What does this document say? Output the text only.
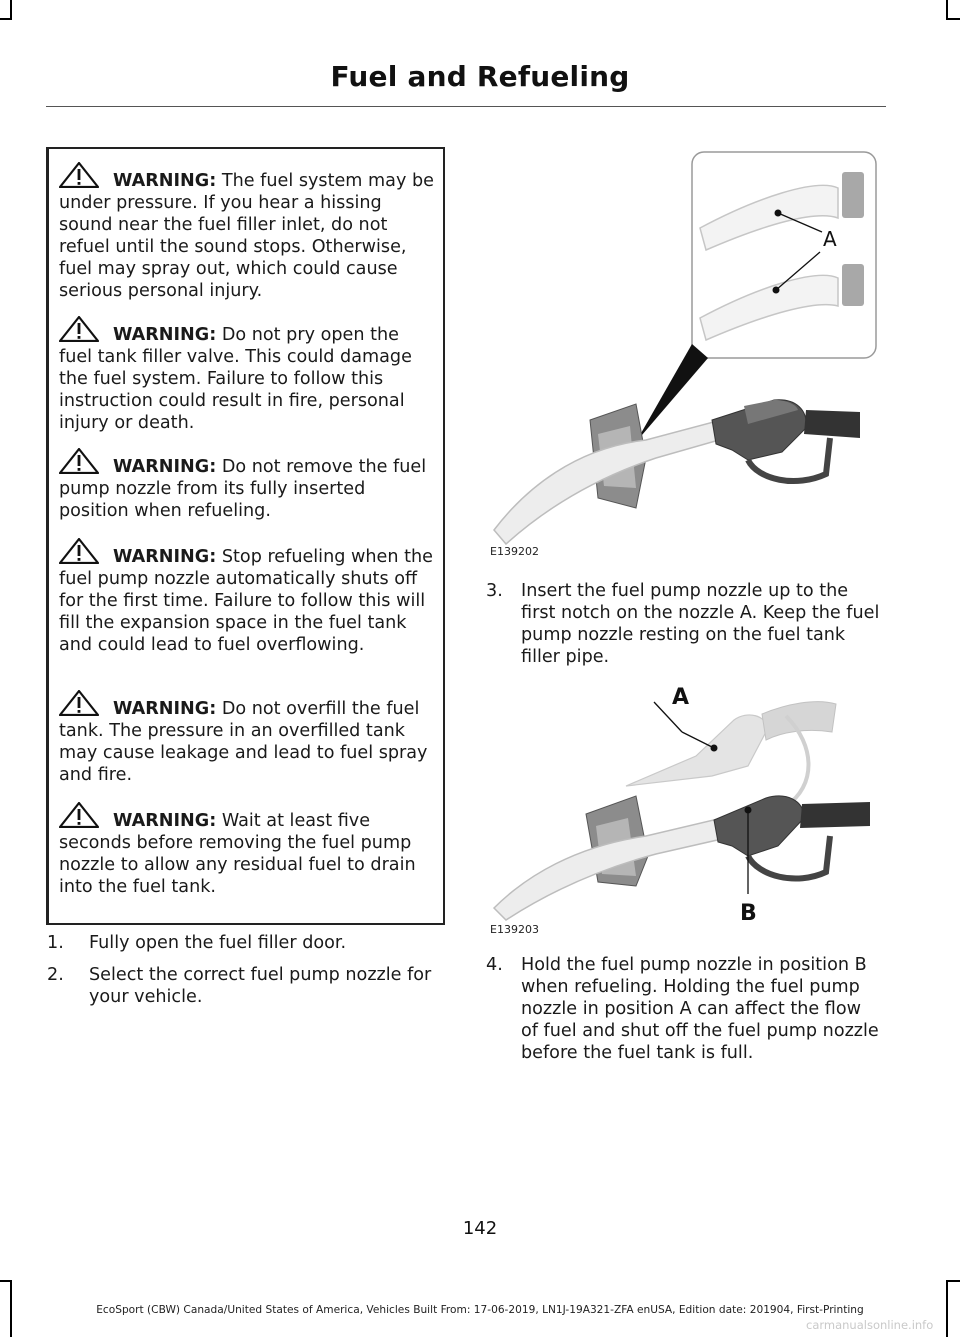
Fuel and Refueling
WARNING: The fuel system may be under pressure. If you hear a hissing sound near the fuel filler inlet, do not refuel until the sound stops. Otherwise, fuel may spray out, which could cause serious personal injury.
WARNING: Do not pry open the fuel tank filler valve. This could damage the fuel system. Failure to follow this instruction could result in fire, personal injury or death.
WARNING: Do not remove the fuel pump nozzle from its fully inserted position when refueling.
WARNING: Stop refueling when the fuel pump nozzle automatically shuts off for the first time. Failure to follow this will fill the expansion space in the fuel tank and could lead to fuel overflowing.
WARNING: Do not overfill the fuel tank. The pressure in an overfilled tank may cause leakage and lead to fuel spray and fire.
WARNING: Wait at least five seconds before removing the fuel pump nozzle to allow any residual fuel to drain into the fuel tank.
1. Fully open the fuel filler door.
2. Select the correct fuel pump nozzle for your vehicle.
A
E139202
3. Insert the fuel pump nozzle up to the first notch on the nozzle A. Keep the fuel pump nozzle resting on the fuel tank filler pipe.
A
B
E139203
4. Hold the fuel pump nozzle in position B when refueling. Holding the fuel pump nozzle in position A can affect the flow of fuel and shut off the fuel pump nozzle before the fuel tank is full.
142
EcoSport (CBW) Canada/United States of America, Vehicles Built From: 17-06-2019, LN1J-19A321-ZFA enUSA, Edition date: 201904, First-Printing
carmanualsonline.info
